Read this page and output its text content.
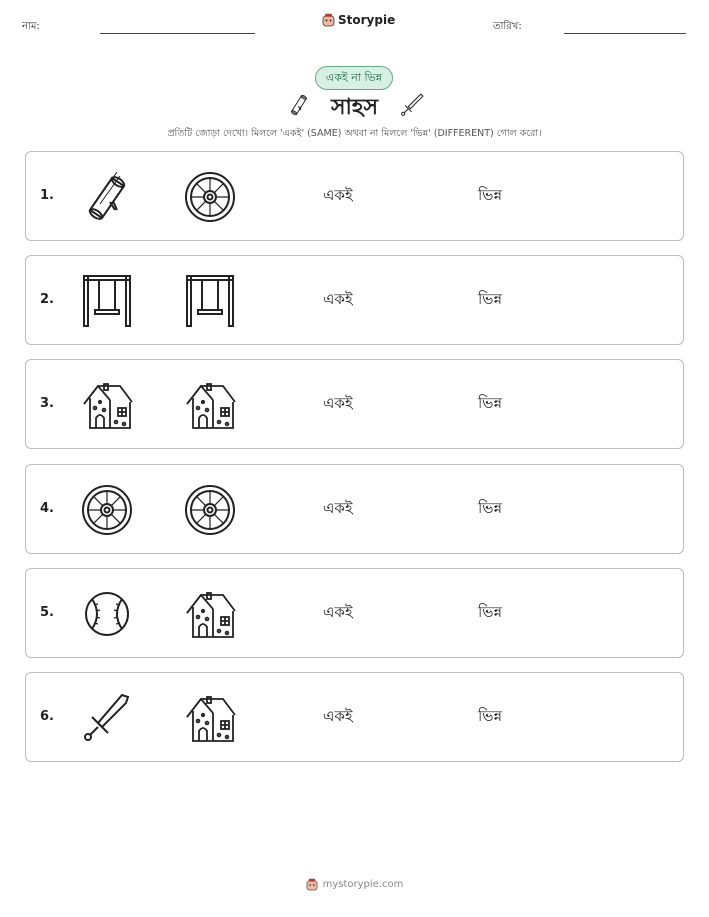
নাম:	Storypie	তারিখ:
একই না ভিন্ন
সাহস
প্রতিটি জোড়া দেখো। মিললে 'একই' (SAME) অথবা না মিললে 'ভিন্ন' (DIFFERENT) গোল করো।
1.	একই	ভিন্ন
2.	একই	ভিন্ন
3.	একই	ভিন্ন
4.	একই	ভিন্ন
5.	একই	ভিন্ন
6.	একই	ভিন্ন
mystorypie.com
